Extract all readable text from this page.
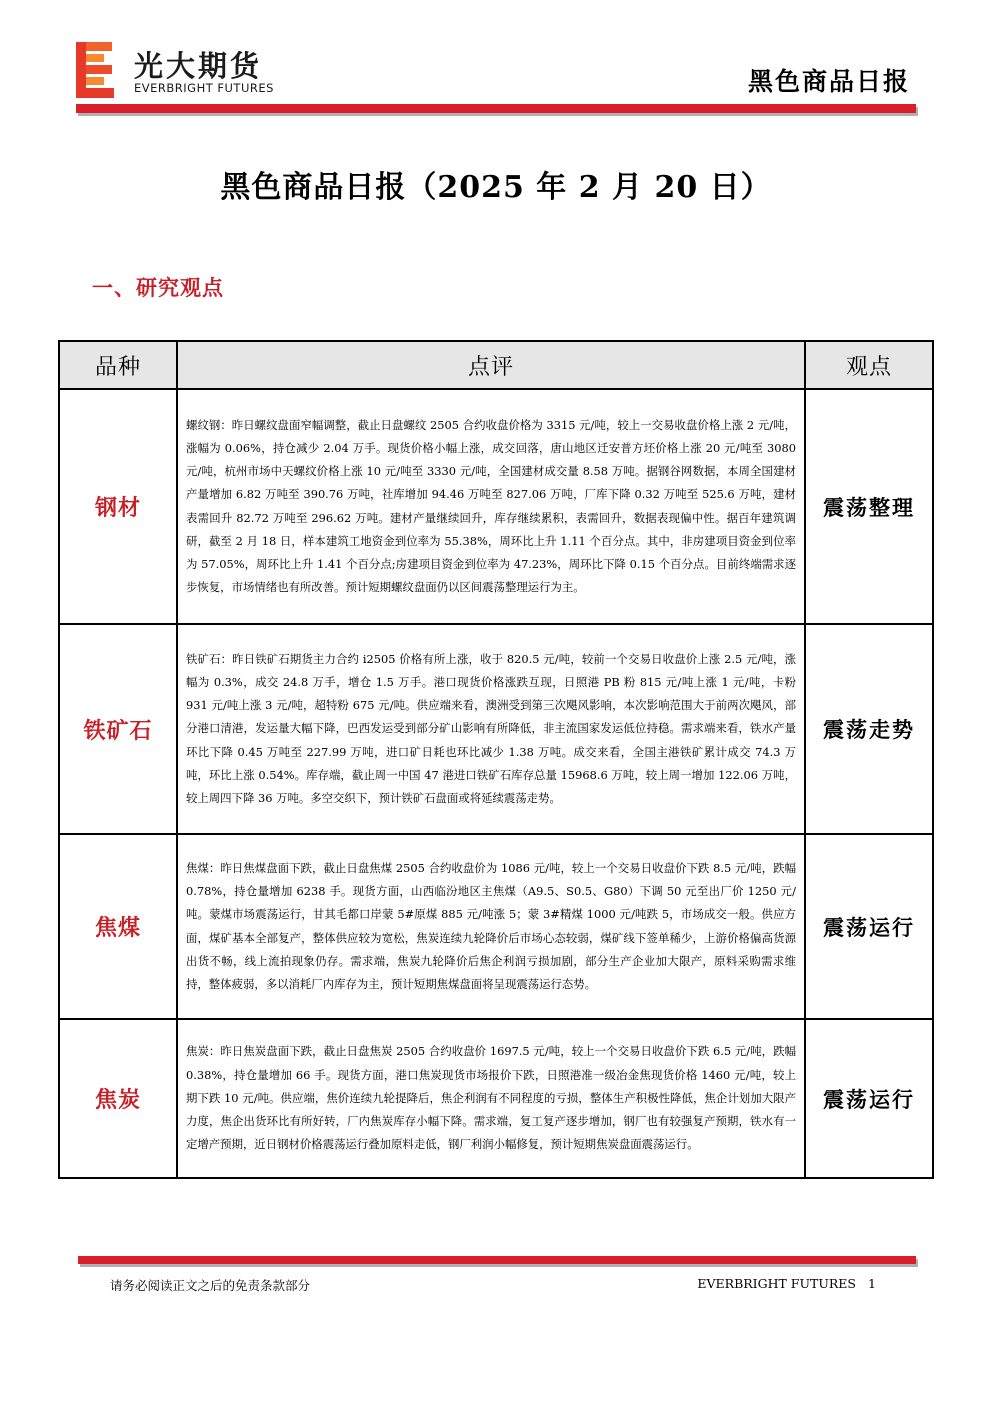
光大期货
EVERBRIGHT FUTURES	黑色商品日报
黑色商品日报（2025 年 2 月 20 日）
一、研究观点
品种	点评	观点
钢材	螺纹钢：昨日螺纹盘面窄幅调整，截止日盘螺纹 2505 合约收盘价格为 3315 元/吨，较上一交易收盘价格上涨 2 元/吨，涨幅为 0.06%，持仓减少 2.04 万手。现货价格小幅上涨，成交回落，唐山地区迁安普方坯价格上涨 20 元/吨至 3080 元/吨，杭州市场中天螺纹价格上涨 10 元/吨至 3330 元/吨，全国建材成交量 8.58 万吨。据钢谷网数据，本周全国建材产量增加 6.82 万吨至 390.76 万吨，社库增加 94.46 万吨至 827.06 万吨，厂库下降 0.32 万吨至 525.6 万吨，建材表需回升 82.72 万吨至 296.62 万吨。建材产量继续回升，库存继续累积，表需回升，数据表现偏中性。据百年建筑调研，截至 2 月 18 日，样本建筑工地资金到位率为 55.38%，周环比上升 1.11 个百分点。其中，非房建项目资金到位率为 57.05%，周环比上升 1.41 个百分点;房建项目资金到位率为 47.23%，周环比下降 0.15 个百分点。目前终端需求逐步恢复，市场情绪也有所改善。预计短期螺纹盘面仍以区间震荡整理运行为主。	震荡整理
铁矿石	铁矿石：昨日铁矿石期货主力合约 i2505 价格有所上涨，收于 820.5 元/吨，较前一个交易日收盘价上涨 2.5 元/吨，涨幅为 0.3%，成交 24.8 万手，增仓 1.5 万手。港口现货价格涨跌互现，日照港 PB 粉 815 元/吨上涨 1 元/吨，卡粉 931 元/吨上涨 3 元/吨，超特粉 675 元/吨。供应端来看，澳洲受到第三次飓风影响，本次影响范围大于前两次飓风，部分港口清港，发运量大幅下降，巴西发运受到部分矿山影响有所降低，非主流国家发运低位持稳。需求端来看，铁水产量环比下降 0.45 万吨至 227.99 万吨，进口矿日耗也环比减少 1.38 万吨。成交来看，全国主港铁矿累计成交 74.3 万吨，环比上涨 0.54%。库存端，截止周一中国 47 港进口铁矿石库存总量 15968.6 万吨，较上周一增加 122.06 万吨，较上周四下降 36 万吨。多空交织下，预计铁矿石盘面或将延续震荡走势。	震荡走势
焦煤	焦煤：昨日焦煤盘面下跌，截止日盘焦煤 2505 合约收盘价为 1086 元/吨，较上一个交易日收盘价下跌 8.5 元/吨，跌幅 0.78%，持仓量增加 6238 手。现货方面，山西临汾地区主焦煤（A9.5、S0.5、G80）下调 50 元至出厂价 1250 元/吨。蒙煤市场震荡运行，甘其毛都口岸蒙 5#原煤 885 元/吨涨 5；蒙 3#精煤 1000 元/吨跌 5，市场成交一般。供应方面，煤矿基本全部复产，整体供应较为宽松，焦炭连续九轮降价后市场心态较弱，煤矿线下签单稀少，上游价格偏高货源出货不畅，线上流拍现象仍存。需求端，焦炭九轮降价后焦企利润亏损加剧，部分生产企业加大限产，原料采购需求维持，整体疲弱，多以消耗厂内库存为主，预计短期焦煤盘面将呈现震荡运行态势。	震荡运行
焦炭	焦炭：昨日焦炭盘面下跌，截止日盘焦炭 2505 合约收盘价 1697.5 元/吨，较上一个交易日收盘价下跌 6.5 元/吨，跌幅 0.38%，持仓量增加 66 手。现货方面，港口焦炭现货市场报价下跌，日照港准一级冶金焦现货价格 1460 元/吨，较上期下跌 10 元/吨。供应端，焦价连续九轮提降后，焦企利润有不同程度的亏损，整体生产积极性降低，焦企计划加大限产力度，焦企出货环比有所好转，厂内焦炭库存小幅下降。需求端，复工复产逐步增加，钢厂也有较强复产预期，铁水有一定增产预期，近日钢材价格震荡运行叠加原料走低，钢厂利润小幅修复，预计短期焦炭盘面震荡运行。	震荡运行
请务必阅读正文之后的免责条款部分	EVERBRIGHT FUTURES 1
